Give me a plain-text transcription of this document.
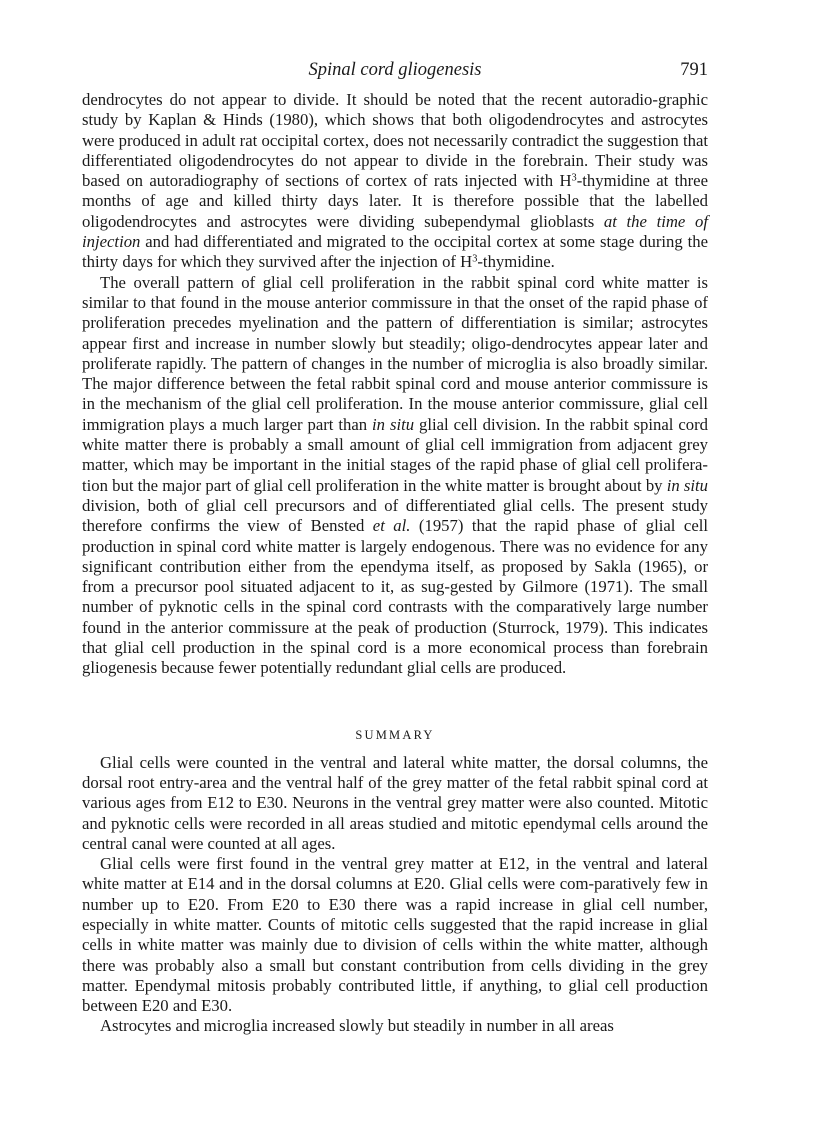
Spinal cord gliogenesis	791

dendrocytes do not appear to divide. It should be noted that the recent autoradio-graphic study by Kaplan & Hinds (1980), which shows that both oligodendrocytes and astrocytes were produced in adult rat occipital cortex, does not necessarily contradict the suggestion that differentiated oligodendrocytes do not appear to divide in the forebrain. Their study was based on autoradiography of sections of cortex of rats injected with $H^3$-thymidine at three months of age and killed thirty days later. It is therefore possible that the labelled oligodendrocytes and astrocytes were dividing subependymal glioblasts at the time of injection and had differentiated and migrated to the occipital cortex at some stage during the thirty days for which they survived after the injection of $H^3$-thymidine.

The overall pattern of glial cell proliferation in the rabbit spinal cord white matter is similar to that found in the mouse anterior commissure in that the onset of the rapid phase of proliferation precedes myelination and the pattern of differentiation is similar; astrocytes appear first and increase in number slowly but steadily; oligo-dendrocytes appear later and proliferate rapidly. The pattern of changes in the number of microglia is also broadly similar. The major difference between the fetal rabbit spinal cord and mouse anterior commissure is in the mechanism of the glial cell proliferation. In the mouse anterior commissure, glial cell immigration plays a much larger part than in situ glial cell division. In the rabbit spinal cord white matter there is probably a small amount of glial cell immigration from adjacent grey matter, which may be important in the initial stages of the rapid phase of glial cell prolifera-tion but the major part of glial cell proliferation in the white matter is brought about by in situ division, both of glial cell precursors and of differentiated glial cells. The present study therefore confirms the view of Bensted et al. (1957) that the rapid phase of glial cell production in spinal cord white matter is largely endogenous. There was no evidence for any significant contribution either from the ependyma itself, as proposed by Sakla (1965), or from a precursor pool situated adjacent to it, as sug-gested by Gilmore (1971). The small number of pyknotic cells in the spinal cord contrasts with the comparatively large number found in the anterior commissure at the peak of production (Sturrock, 1979). This indicates that glial cell production in the spinal cord is a more economical process than forebrain gliogenesis because fewer potentially redundant glial cells are produced.

SUMMARY

Glial cells were counted in the ventral and lateral white matter, the dorsal columns, the dorsal root entry-area and the ventral half of the grey matter of the fetal rabbit spinal cord at various ages from E12 to E30. Neurons in the ventral grey matter were also counted. Mitotic and pyknotic cells were recorded in all areas studied and mitotic ependymal cells around the central canal were counted at all ages.

Glial cells were first found in the ventral grey matter at E12, in the ventral and lateral white matter at E14 and in the dorsal columns at E20. Glial cells were com-paratively few in number up to E20. From E20 to E30 there was a rapid increase in glial cell number, especially in white matter. Counts of mitotic cells suggested that the rapid increase in glial cells in white matter was mainly due to division of cells within the white matter, although there was probably also a small but constant contribution from cells dividing in the grey matter. Ependymal mitosis probably contributed little, if anything, to glial cell production between E20 and E30.

Astrocytes and microglia increased slowly but steadily in number in all areas
